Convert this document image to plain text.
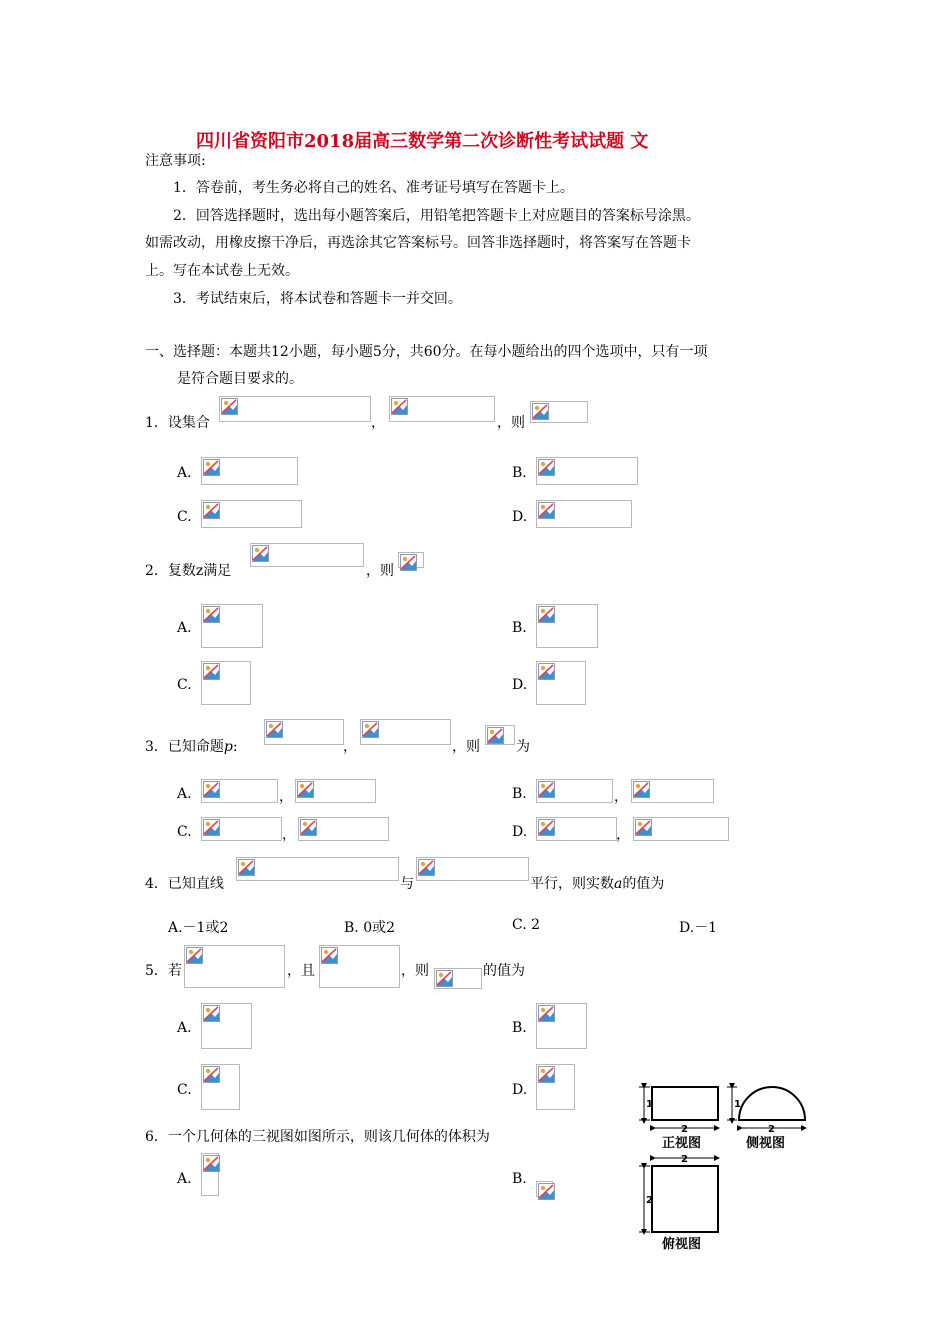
四川省资阳市2018届高三数学第二次诊断性考试试题 文
注意事项:
1．答卷前，考生务必将自己的姓名、准考证号填写在答题卡上。
2．回答选择题时，选出每小题答案后，用铅笔把答题卡上对应题目的答案标号涂黑。
如需改动，用橡皮擦干净后，再选涂其它答案标号。回答非选择题时，将答案写在答题卡
上。写在本试卷上无效。
3．考试结束后，将本试卷和答题卡一并交回。
一、选择题：本题共12小题，每小题5分，共60分。在每小题给出的四个选项中，只有一项
是符合题目要求的。
1．设集合	，	，则
A.	B.
C.	D.
2．复数z满足	，则
A.	B.
C.	D.
3．已知命题p:	，	，则	为
A.	，	B.	，
C.	，	D.	，
4．已知直线	与	平行，则实数a的值为
A.－1或2	B. 0或2	C. 2	D.－1
5．若	，且	，则	的值为
A.	B.
C.	D.
6．一个几何体的三视图如图所示，则该几何体的体积为
A.	B.
1
2
正视图
1
2
侧视图
2
2
俯视图
